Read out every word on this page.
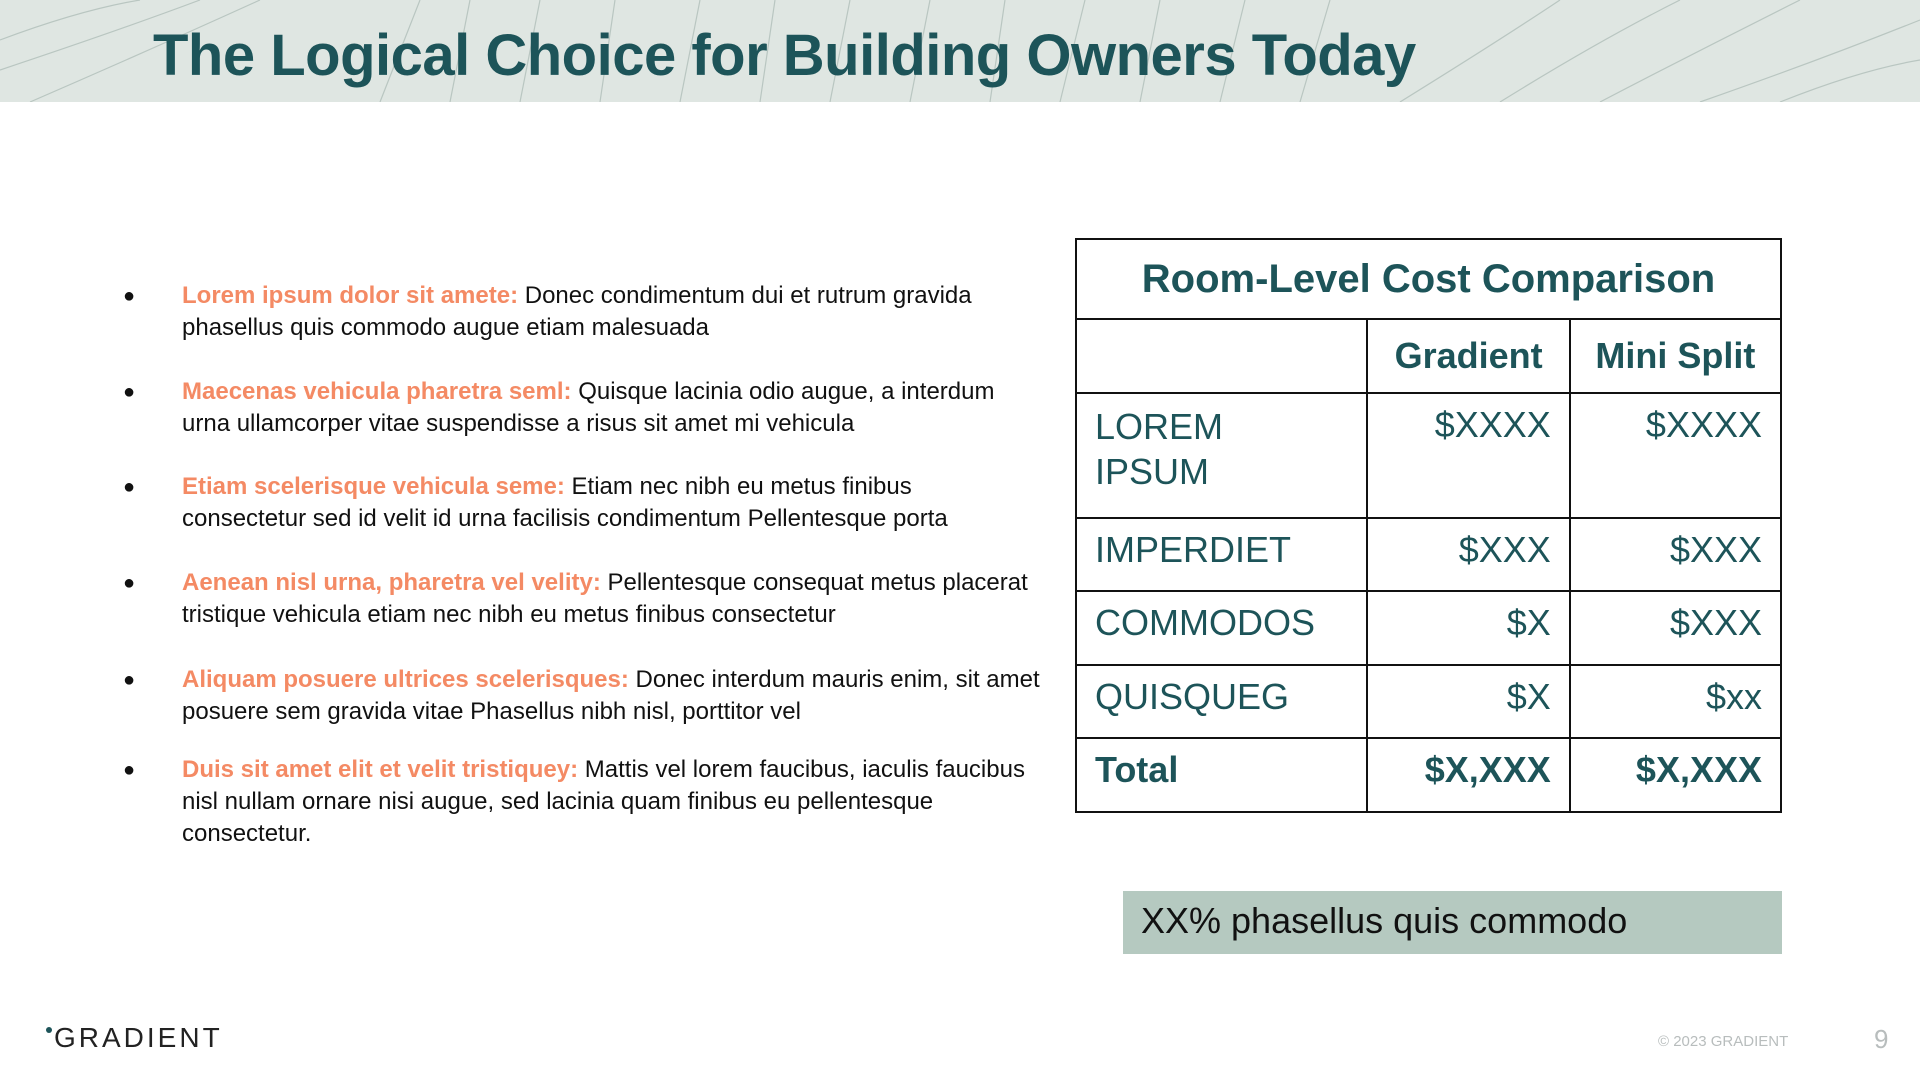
The Logical Choice for Building Owners Today
●	Lorem ipsum dolor sit amete: Donec condimentum dui et rutrum gravida phasellus quis commodo augue etiam malesuada
●	Maecenas vehicula pharetra seml: Quisque lacinia odio augue, a interdum urna ullamcorper vitae suspendisse a risus sit amet mi vehicula
●	Etiam scelerisque vehicula seme: Etiam nec nibh eu metus finibus consectetur sed id velit id urna facilisis condimentum Pellentesque porta
●	Aenean nisl urna, pharetra vel velity: Pellentesque consequat metus placerat tristique vehicula etiam nec nibh eu metus finibus consectetur
●	Aliquam posuere ultrices scelerisques: Donec interdum mauris enim, sit amet posuere sem gravida vitae Phasellus nibh nisl, porttitor vel
●	Duis sit amet elit et velit tristiquey: Mattis vel lorem faucibus, iaculis faucibus nisl nullam ornare nisi augue, sed lacinia quam finibus eu pellentesque consectetur.
Room-Level Cost Comparison		
	Gradient	Mini Split

LOREM IPSUM	$XXXX	$XXXX
IMPERDIET	$XXX	$XXX
COMMODOS	$X	$XXX
QUISQUEG	$X	$xx
Total	$X,XXX	$X,XXX
XX% phasellus quis commodo
GRADIENT	© 2023 GRADIENT	9
